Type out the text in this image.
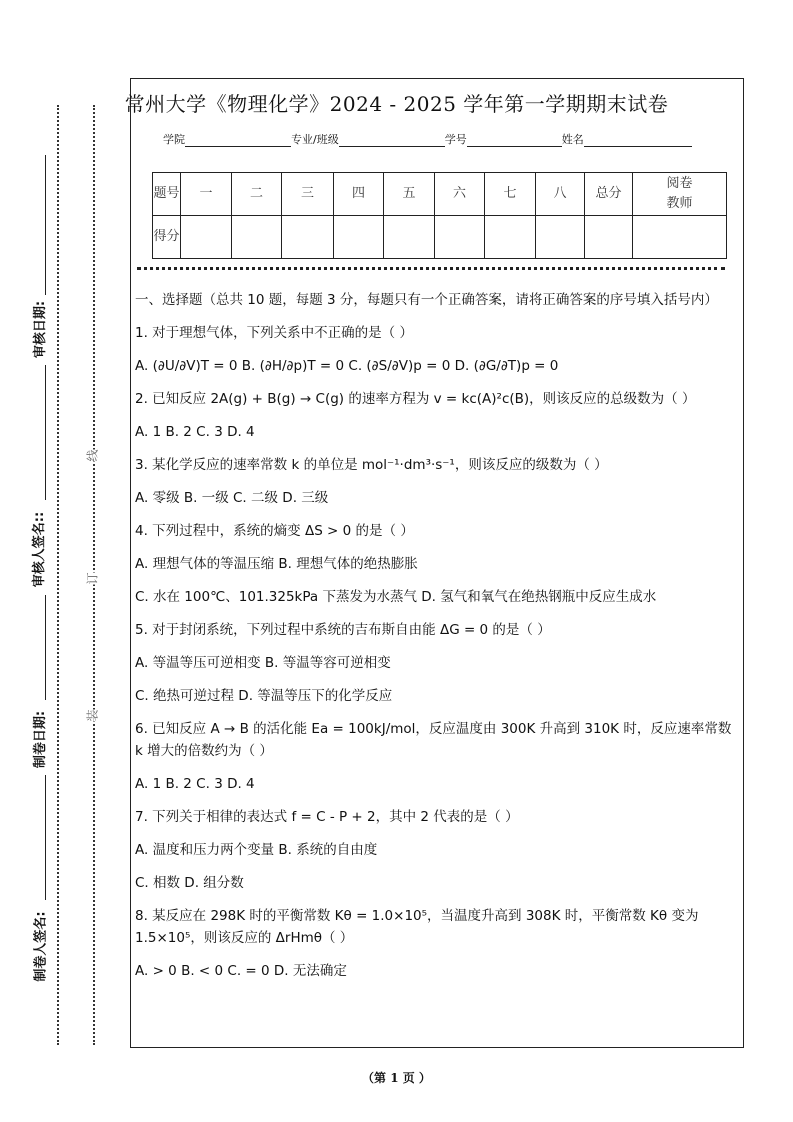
审核日期:
审核人签名::
制卷日期:
制卷人签名:
线
订
装
常州大学《物理化学》2024 - 2025 学年第一学期期末试卷
学院	专业/班级	学号	姓名
题号	一	二	三	四	五	六	七	八	总分	阅卷教师
得分										

一、选择题（总共 10 题，每题 3 分，每题只有一个正确答案，请将正确答案的序号填入括号内）

1. 对于理想气体，下列关系中不正确的是（ ）

A. (∂U/∂V)T = 0 B. (∂H/∂p)T = 0 C. (∂S/∂V)p = 0 D. (∂G/∂T)p = 0

2. 已知反应 2A(g) + B(g) → C(g) 的速率方程为 v = kc(A)²c(B)，则该反应的总级数为（ ）

A. 1 B. 2 C. 3 D. 4

3. 某化学反应的速率常数 k 的单位是 mol⁻¹·dm³·s⁻¹，则该反应的级数为（ ）

A. 零级 B. 一级 C. 二级 D. 三级

4. 下列过程中，系统的熵变 ΔS > 0 的是（ ）

A. 理想气体的等温压缩 B. 理想气体的绝热膨胀

C. 水在 100℃、101.325kPa 下蒸发为水蒸气 D. 氢气和氧气在绝热钢瓶中反应生成水

5. 对于封闭系统，下列过程中系统的吉布斯自由能 ΔG = 0 的是（ ）

A. 等温等压可逆相变 B. 等温等容可逆相变

C. 绝热可逆过程 D. 等温等压下的化学反应

6. 已知反应 A → B 的活化能 Ea = 100kJ/mol，反应温度由 300K 升高到 310K 时，反应速率常数 k 增大的倍数约为（ ）

A. 1 B. 2 C. 3 D. 4

7. 下列关于相律的表达式 f = C - P + 2，其中 2 代表的是（ ）

A. 温度和压力两个变量 B. 系统的自由度

C. 相数 D. 组分数

8. 某反应在 298K 时的平衡常数 Kθ = 1.0×10⁵，当温度升高到 308K 时，平衡常数 Kθ 变为 1.5×10⁵，则该反应的 ΔrHmθ（ ）

A. > 0 B. < 0 C. = 0 D. 无法确定

（第 1 页 ）
